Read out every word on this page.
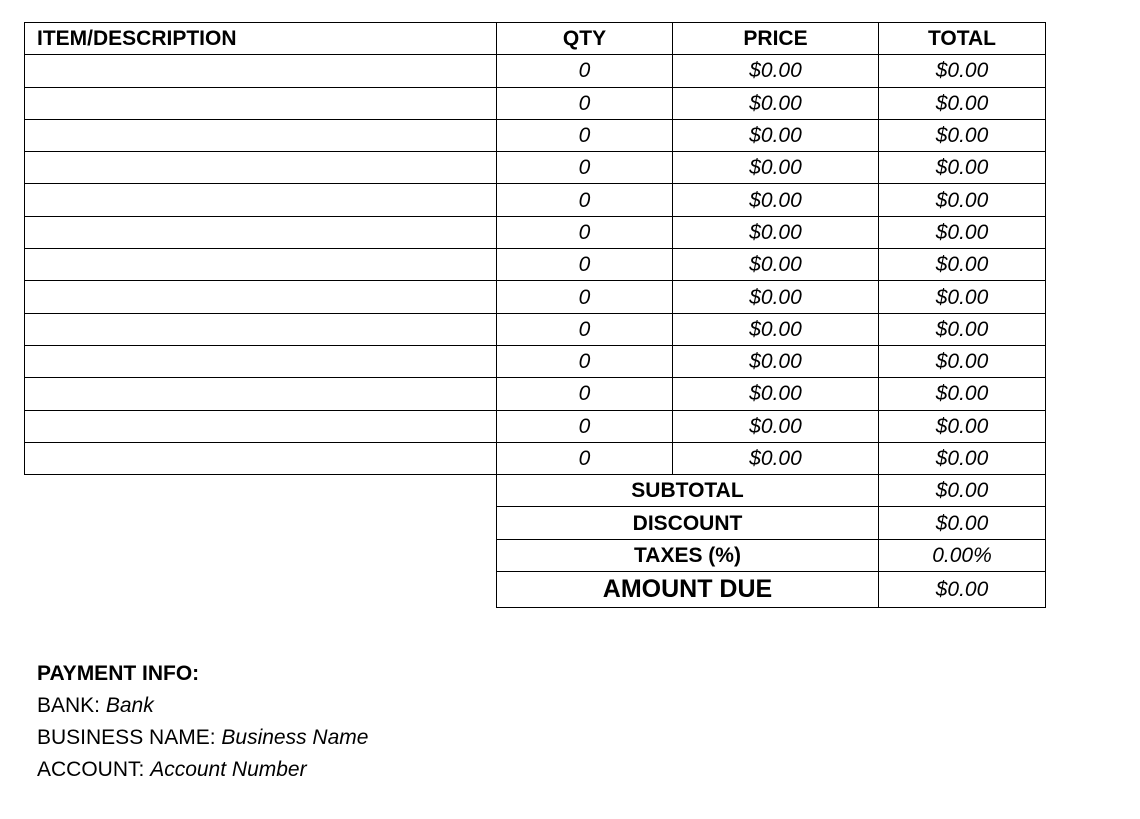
ITEM/DESCRIPTION	QTY	PRICE	TOTAL
	0	$0.00	$0.00
	0	$0.00	$0.00
	0	$0.00	$0.00
	0	$0.00	$0.00
	0	$0.00	$0.00
	0	$0.00	$0.00
	0	$0.00	$0.00
	0	$0.00	$0.00
	0	$0.00	$0.00
	0	$0.00	$0.00
	0	$0.00	$0.00
	0	$0.00	$0.00
	0	$0.00	$0.00
	SUBTOTAL		$0.00
	DISCOUNT		$0.00
	TAXES (%)		0.00%
	AMOUNT DUE		$0.00
PAYMENT INFO:
BANK: Bank
BUSINESS NAME: Business Name
ACCOUNT: Account Number
